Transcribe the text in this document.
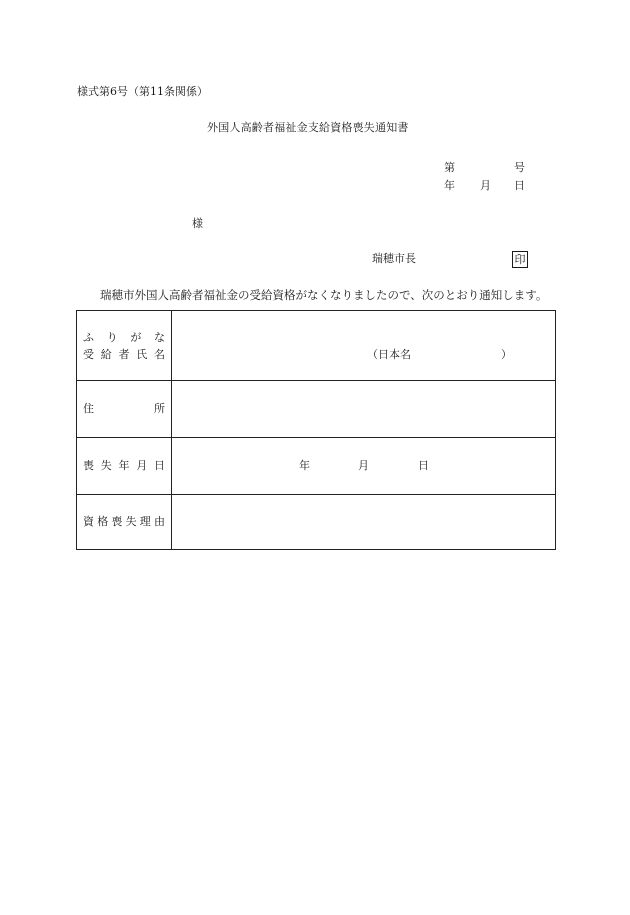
様式第6号（第11条関係）
外国人高齢者福祉金支給資格喪失通知書
第	号
年 月 日
様
瑞穂市長	印
瑞穂市外国人高齢者福祉金の受給資格がなくなりましたので、次のとおり通知します。
ふりがな
受給者氏名	（日本名	）
住所
喪失年月日	年	月	日
資格喪失理由
